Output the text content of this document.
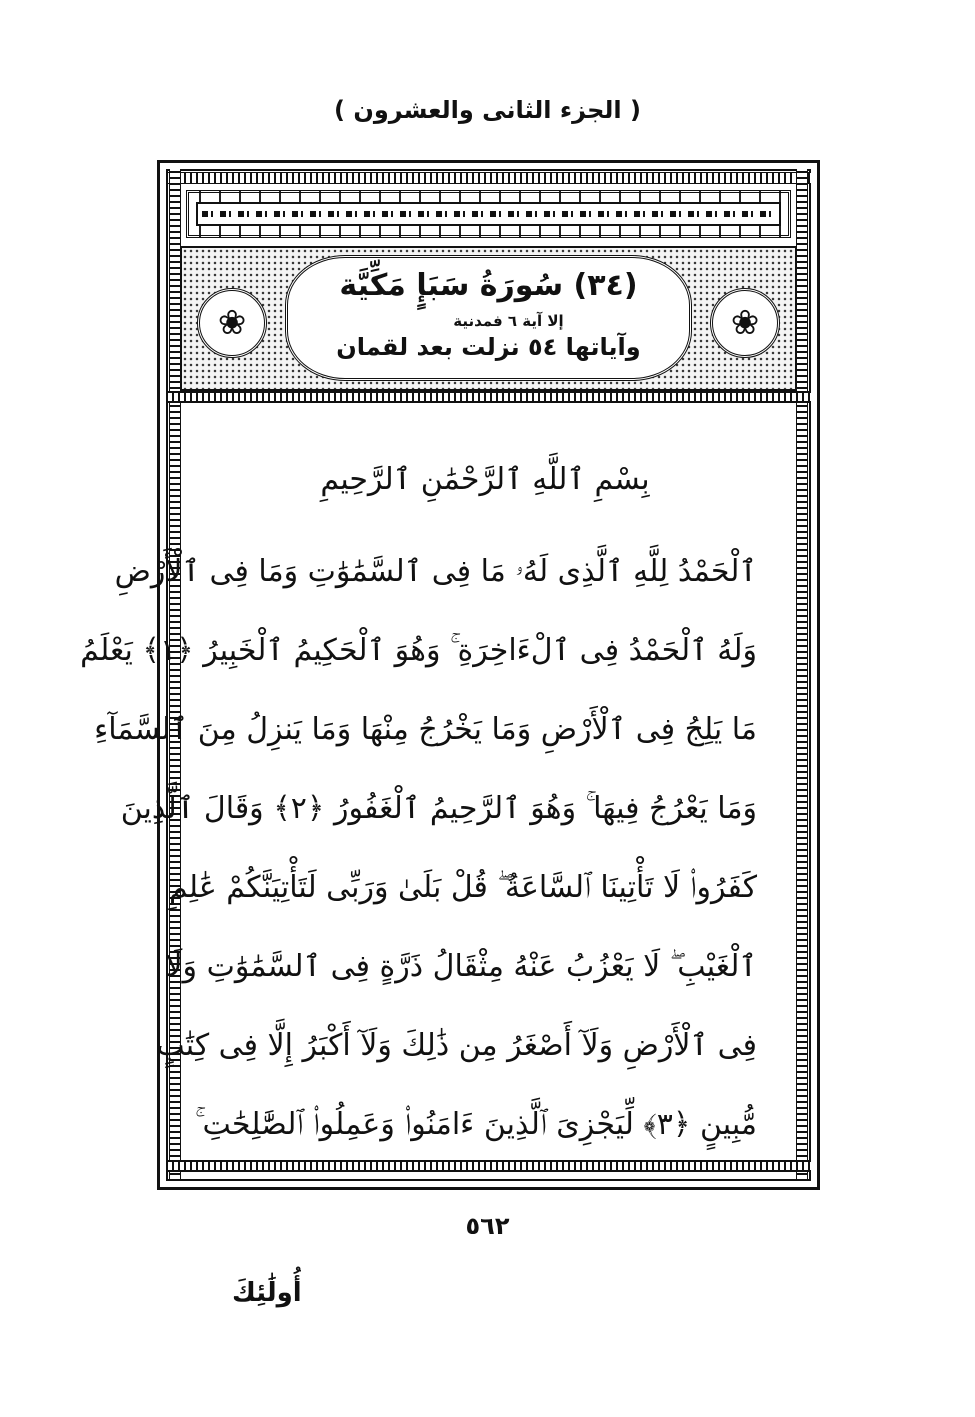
( الجزء الثانى والعشرون )
❀
❀
(٣٤) سُورَةُ سَبَإٍ مَكِّيَّة
إلا آية ٦ فمدنية
وآياتها ٥٤ نزلت بعد لقمان
بِسْمِ ٱللَّهِ ٱلرَّحْمَٰنِ ٱلرَّحِيمِ
ٱلْحَمْدُ لِلَّهِ ٱلَّذِى لَهُۥ مَا فِى ٱلسَّمَٰوَٰتِ وَمَا فِى ٱلْأَرْضِ
وَلَهُ ٱلْحَمْدُ فِى ٱلْءَاخِرَةِ ۚ وَهُوَ ٱلْحَكِيمُ ٱلْخَبِيرُ ﴿١﴾ يَعْلَمُ
مَا يَلِجُ فِى ٱلْأَرْضِ وَمَا يَخْرُجُ مِنْهَا وَمَا يَنزِلُ مِنَ ٱلسَّمَآءِ
وَمَا يَعْرُجُ فِيهَا ۚ وَهُوَ ٱلرَّحِيمُ ٱلْغَفُورُ ﴿٢﴾ وَقَالَ ٱلَّذِينَ
كَفَرُوا۟ لَا تَأْتِينَا ٱلسَّاعَةُ ۖ قُلْ بَلَىٰ وَرَبِّى لَتَأْتِيَنَّكُمْ عَٰلِمِ
ٱلْغَيْبِ ۖ لَا يَعْزُبُ عَنْهُ مِثْقَالُ ذَرَّةٍ فِى ٱلسَّمَٰوَٰتِ وَلَا
فِى ٱلْأَرْضِ وَلَآ أَصْغَرُ مِن ذَٰلِكَ وَلَآ أَكْبَرُ إِلَّا فِى كِتَٰبٍ
مُّبِينٍ ﴿٣﴾ لِّيَجْزِىَ ٱلَّذِينَ ءَامَنُوا۟ وَعَمِلُوا۟ ٱلصَّٰلِحَٰتِ ۚ
٥٦٢
أُولَٰئِكَ
